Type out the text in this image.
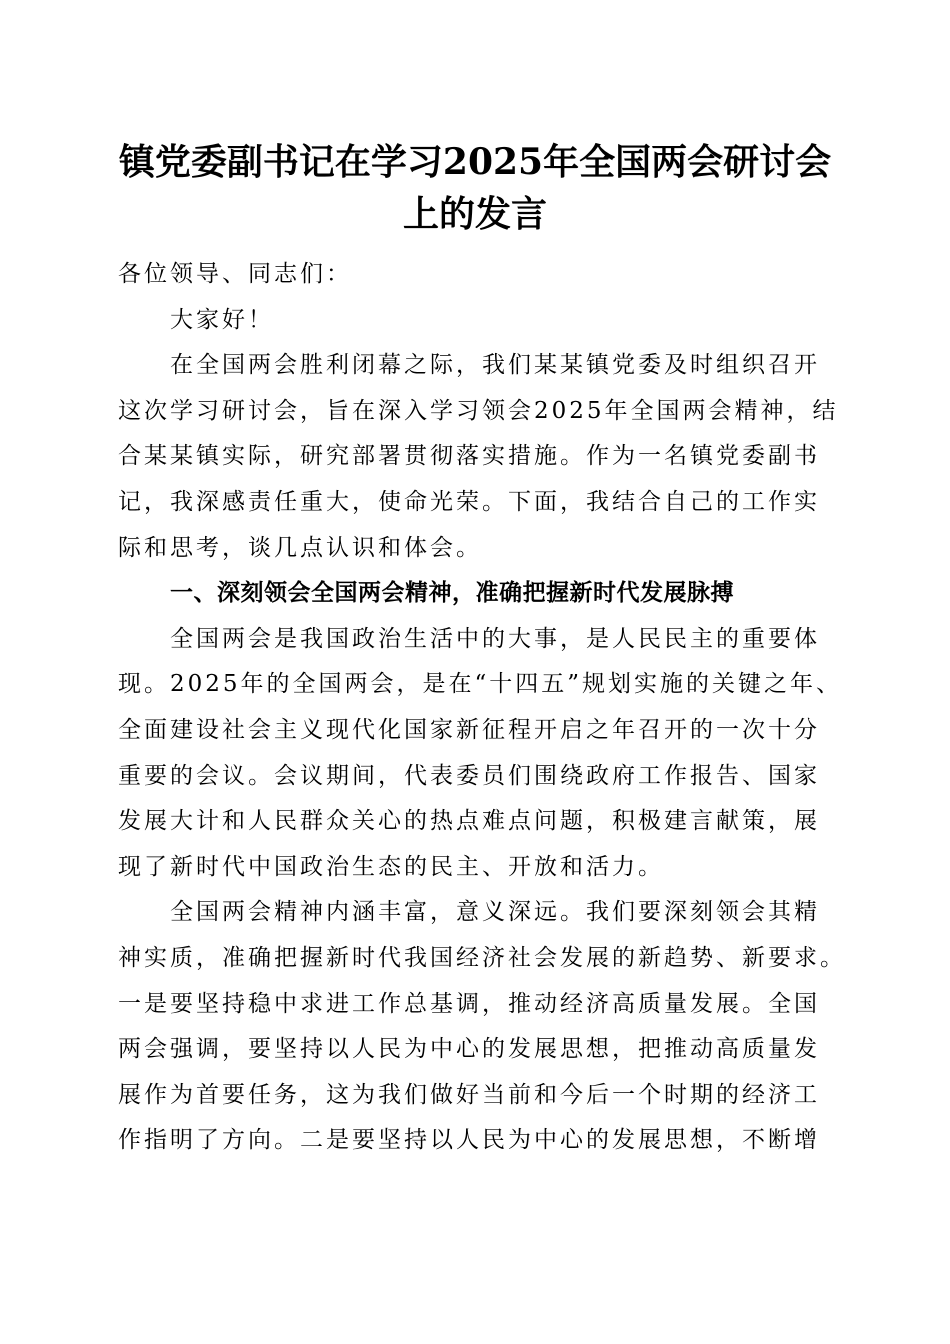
镇党委副书记在学习2025年全国两会研讨会
上的发言
各位领导、同志们：
大家好！
在全国两会胜利闭幕之际，我们某某镇党委及时组织召开
这次学习研讨会，旨在深入学习领会2025年全国两会精神，结
合某某镇实际，研究部署贯彻落实措施。作为一名镇党委副书
记，我深感责任重大，使命光荣。下面，我结合自己的工作实
际和思考，谈几点认识和体会。
一、深刻领会全国两会精神，准确把握新时代发展脉搏
全国两会是我国政治生活中的大事，是人民民主的重要体
现。2025年的全国两会，是在“十四五”规划实施的关键之年、
全面建设社会主义现代化国家新征程开启之年召开的一次十分
重要的会议。会议期间，代表委员们围绕政府工作报告、国家
发展大计和人民群众关心的热点难点问题，积极建言献策，展
现了新时代中国政治生态的民主、开放和活力。
全国两会精神内涵丰富，意义深远。我们要深刻领会其精
神实质，准确把握新时代我国经济社会发展的新趋势、新要求。
一是要坚持稳中求进工作总基调，推动经济高质量发展。全国
两会强调，要坚持以人民为中心的发展思想，把推动高质量发
展作为首要任务，这为我们做好当前和今后一个时期的经济工
作指明了方向。二是要坚持以人民为中心的发展思想，不断增
